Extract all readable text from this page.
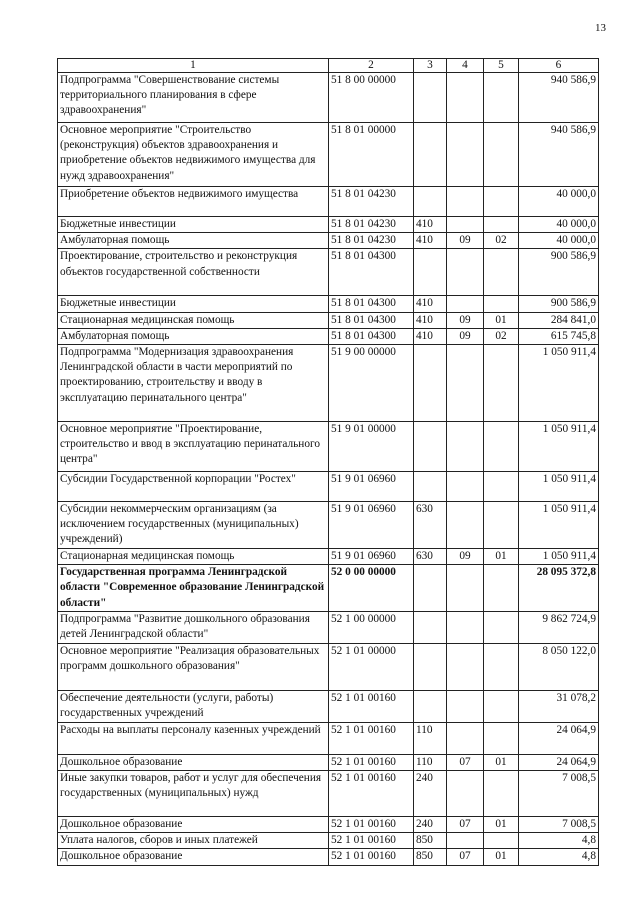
13
1	2	3	4	5	6
Подпрограмма "Совершенствование системы территориального планирования в сфере здравоохранения"	51 8 00 00000				940 586,9
Основное мероприятие "Строительство (реконструкция) объектов здравоохранения и приобретение объектов недвижимого имущества для нужд здравоохранения"	51 8 01 00000				940 586,9
Приобретение объектов недвижимого имущества	51 8 01 04230				40 000,0
Бюджетные инвестиции	51 8 01 04230	410			40 000,0
Амбулаторная помощь	51 8 01 04230	410	09	02	40 000,0
Проектирование, строительство и реконструкция объектов государственной собственности	51 8 01 04300				900 586,9
Бюджетные инвестиции	51 8 01 04300	410			900 586,9
Стационарная медицинская помощь	51 8 01 04300	410	09	01	284 841,0
Амбулаторная помощь	51 8 01 04300	410	09	02	615 745,8
Подпрограмма "Модернизация здравоохранения Ленинградской области в части мероприятий по проектированию, строительству и вводу в эксплуатацию перинатального центра"	51 9 00 00000				1 050 911,4
Основное мероприятие "Проектирование, строительство и ввод в эксплуатацию перинатального центра"	51 9 01 00000				1 050 911,4
Субсидии Государственной корпорации "Ростех"	51 9 01 06960				1 050 911,4
Субсидии некоммерческим организациям (за исключением государственных (муниципальных) учреждений)	51 9 01 06960	630			1 050 911,4
Стационарная медицинская помощь	51 9 01 06960	630	09	01	1 050 911,4
Государственная программа Ленинградской области "Современное образование Ленинградской области"	52 0 00 00000				28 095 372,8
Подпрограмма "Развитие дошкольного образования детей Ленинградской области"	52 1 00 00000				9 862 724,9
Основное мероприятие "Реализация образовательных программ дошкольного образования"	52 1 01 00000				8 050 122,0
Обеспечение деятельности (услуги, работы) государственных учреждений	52 1 01 00160				31 078,2
Расходы на выплаты персоналу казенных учреждений	52 1 01 00160	110			24 064,9
Дошкольное образование	52 1 01 00160	110	07	01	24 064,9
Иные закупки товаров, работ и услуг для обеспечения государственных (муниципальных) нужд	52 1 01 00160	240			7 008,5
Дошкольное образование	52 1 01 00160	240	07	01	7 008,5
Уплата налогов, сборов и иных платежей	52 1 01 00160	850			4,8
Дошкольное образование	52 1 01 00160	850	07	01	4,8
